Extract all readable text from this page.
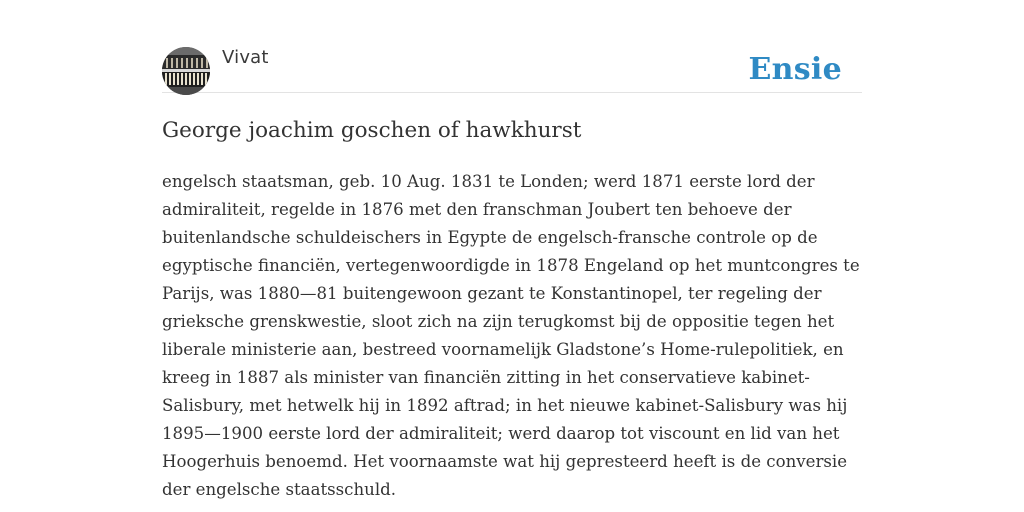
Vivat	Ensie
George joachim goschen of hawkhurst

engelsch staatsman, geb. 10 Aug. 1831 te Londen; werd 1871 eerste lord der admiraliteit, regelde in 1876 met den franschman Joubert ten behoeve der buitenlandsche schuldeischers in Egypte de engelsch-fransche controle op de egyptische financiën, vertegenwoordigde in 1878 Engeland op het muntcongres te Parijs, was 1880—81 buitengewoon gezant te Konstantinopel, ter regeling der grieksche grenskwestie, sloot zich na zijn terugkomst bij de oppositie tegen het liberale ministerie aan, bestreed voornamelijk Gladstone’s Home-rulepolitiek, en kreeg in 1887 als minister van financiën zitting in het conservatieve kabinet-Salisbury, met hetwelk hij in 1892 aftrad; in het nieuwe kabinet-Salisbury was hij 1895—1900 eerste lord der admiraliteit; werd daarop tot viscount en lid van het Hoogerhuis benoemd. Het voornaamste wat hij gepresteerd heeft is de conversie der engelsche staatsschuld.
